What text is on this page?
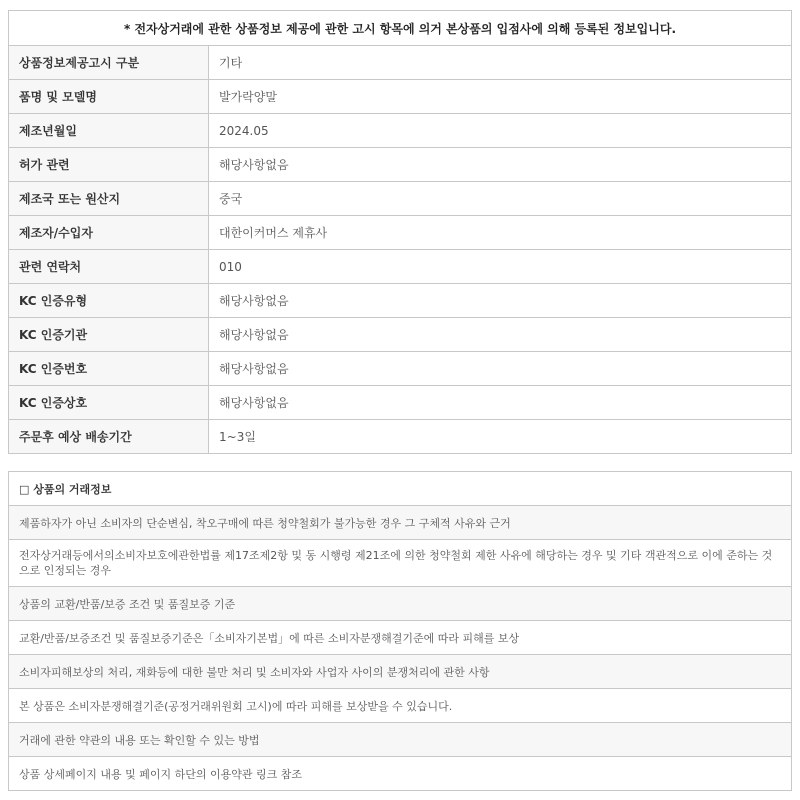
* 전자상거래에 관한 상품정보 제공에 관한 고시 항목에 의거 본상품의 입점사에 의해 등록된 정보입니다.
상품정보제공고시 구분	기타
품명 및 모델명	발가락양말
제조년월일	2024.05
허가 관련	해당사항없음
제조국 또는 원산지	중국
제조자/수입자	대한이커머스 제휴사
관련 연락처	010
KC 인증유형	해당사항없음
KC 인증기관	해당사항없음
KC 인증번호	해당사항없음
KC 인증상호	해당사항없음
주문후 예상 배송기간	1~3일
□ 상품의 거래정보
제품하자가 아닌 소비자의 단순변심, 착오구매에 따른 청약철회가 불가능한 경우 그 구체적 사유와 근거
전자상거래등에서의소비자보호에관한법률 제17조제2항 및 동 시행령 제21조에 의한 청약철회 제한 사유에 해당하는 경우 및 기타 객관적으로 이에 준하는 것으로 인정되는 경우
상품의 교환/반품/보증 조건 및 품질보증 기준
교환/반품/보증조건 및 품질보증기준은「소비자기본법」에 따른 소비자분쟁해결기준에 따라 피해를 보상
소비자피해보상의 처리, 재화등에 대한 불만 처리 및 소비자와 사업자 사이의 분쟁처리에 관한 사항
본 상품은 소비자분쟁해결기준(공정거래위원회 고시)에 따라 피해를 보상받을 수 있습니다.
거래에 관한 약관의 내용 또는 확인할 수 있는 방법
상품 상세페이지 내용 및 페이지 하단의 이용약관 링크 참조
